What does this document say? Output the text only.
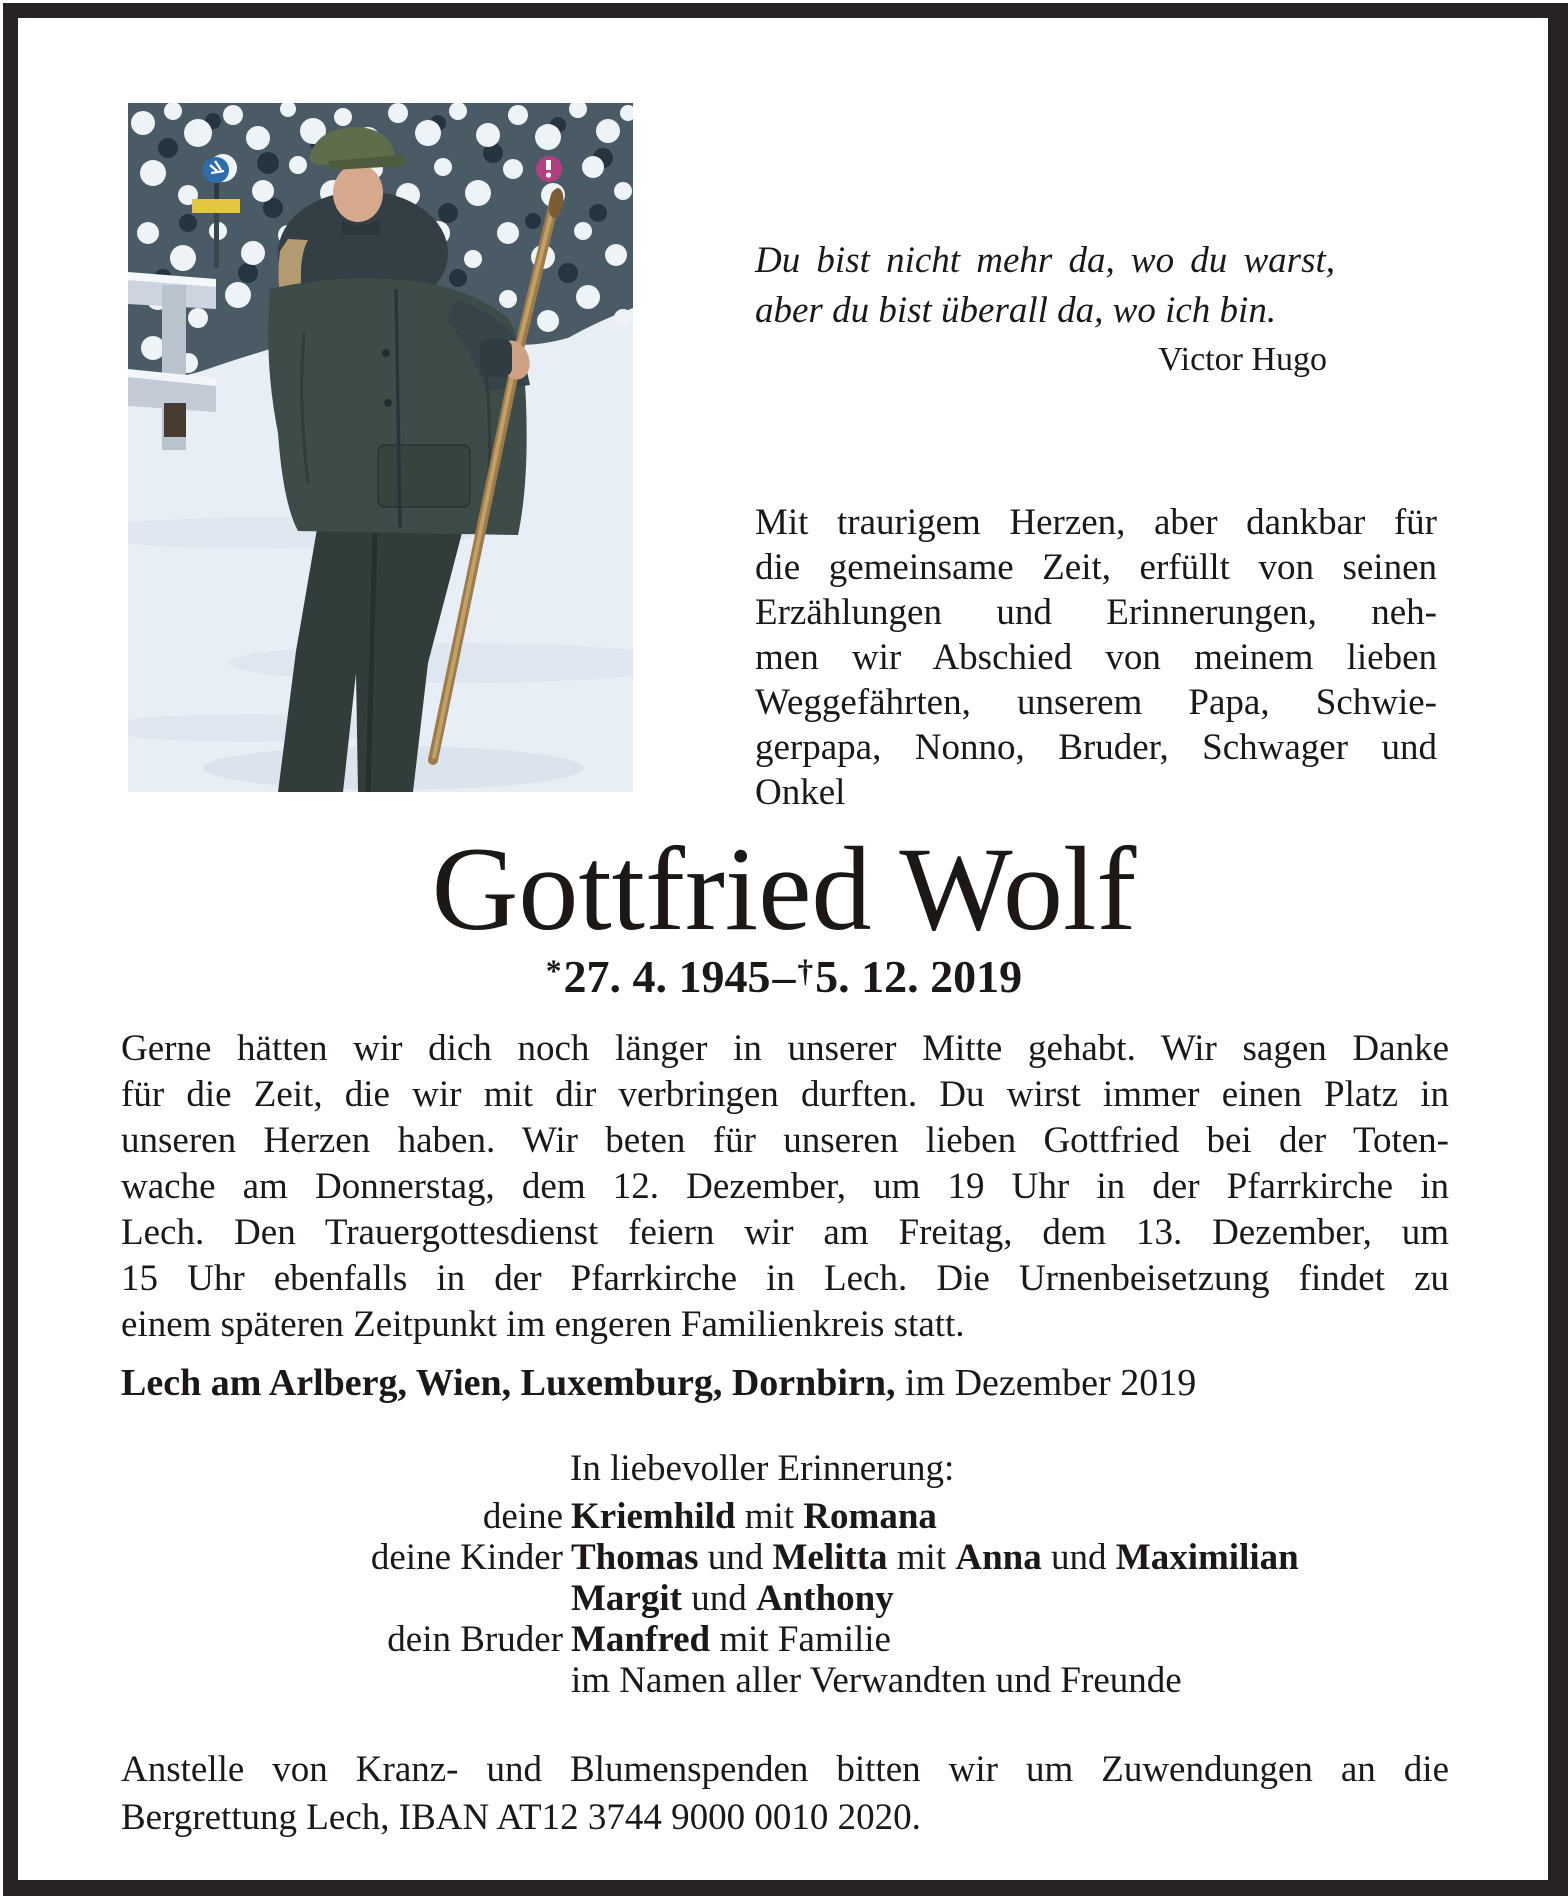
Du bist nicht mehr da, wo du warst,
aber du bist überall da, wo ich bin.
Victor Hugo
Mit traurigem Herzen, aber dankbar für
die gemeinsame Zeit, erfüllt von seinen
Erzählungen und Erinnerungen, neh-
men wir Abschied von meinem lieben
Weggefährten, unserem Papa, Schwie-
gerpapa, Nonno, Bruder, Schwager und
Onkel
Gottfried Wolf
*27. 4. 1945–†5. 12. 2019
Gerne hätten wir dich noch länger in unserer Mitte gehabt. Wir sagen Danke
für die Zeit, die wir mit dir verbringen durften. Du wirst immer einen Platz in
unseren Herzen haben. Wir beten für unseren lieben Gottfried bei der Toten-
wache am Donnerstag, dem 12. Dezember, um 19 Uhr in der Pfarrkirche in
Lech. Den Trauergottesdienst feiern wir am Freitag, dem 13. Dezember, um
15 Uhr ebenfalls in der Pfarrkirche in Lech. Die Urnenbeisetzung findet zu
einem späteren Zeitpunkt im engeren Familienkreis statt.
Lech am Arlberg, Wien, Luxemburg, Dornbirn, im Dezember 2019
In liebevoller Erinnerung:
deine Kriemhild mit Romana
deine Kinder Thomas und Melitta mit Anna und Maximilian
Margit und Anthony
dein Bruder Manfred mit Familie
im Namen aller Verwandten und Freunde
Anstelle von Kranz- und Blumenspenden bitten wir um Zuwendungen an die
Bergrettung Lech, IBAN AT12 3744 9000 0010 2020.
